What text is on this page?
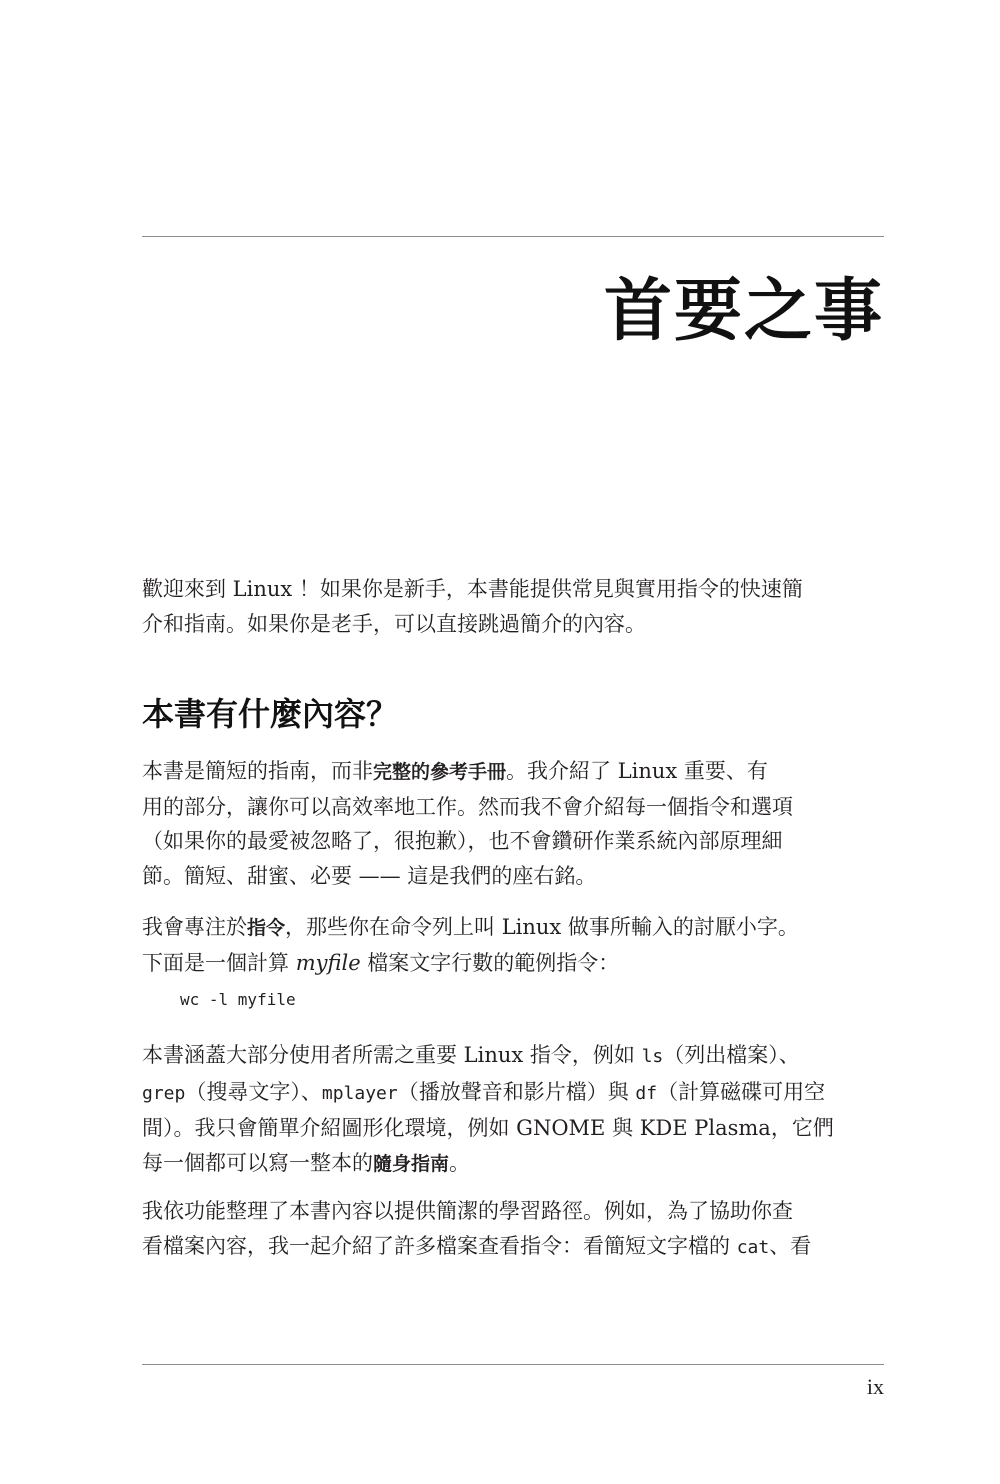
首要之事

歡迎來到 Linux ！如果你是新手，本書能提供常見與實用指令的快速簡
介和指南。如果你是老手，可以直接跳過簡介的內容。

本書有什麼內容？

本書是簡短的指南，而非完整的參考手冊。我介紹了 Linux 重要、有
用的部分，讓你可以高效率地工作。然而我不會介紹每一個指令和選項
（如果你的最愛被忽略了，很抱歉），也不會鑽研作業系統內部原理細
節。簡短、甜蜜、必要 —— 這是我們的座右銘。

我會專注於指令，那些你在命令列上叫 Linux 做事所輸入的討厭小字。
下面是一個計算 myfile 檔案文字行數的範例指令：

wc -l myfile

本書涵蓋大部分使用者所需之重要 Linux 指令，例如 ls（列出檔案）、
grep（搜尋文字）、mplayer（播放聲音和影片檔）與 df（計算磁碟可用空
間）。我只會簡單介紹圖形化環境，例如 GNOME 與 KDE Plasma，它們
每一個都可以寫一整本的隨身指南。

我依功能整理了本書內容以提供簡潔的學習路徑。例如，為了協助你查
看檔案內容，我一起介紹了許多檔案查看指令：看簡短文字檔的 cat、看

ix
